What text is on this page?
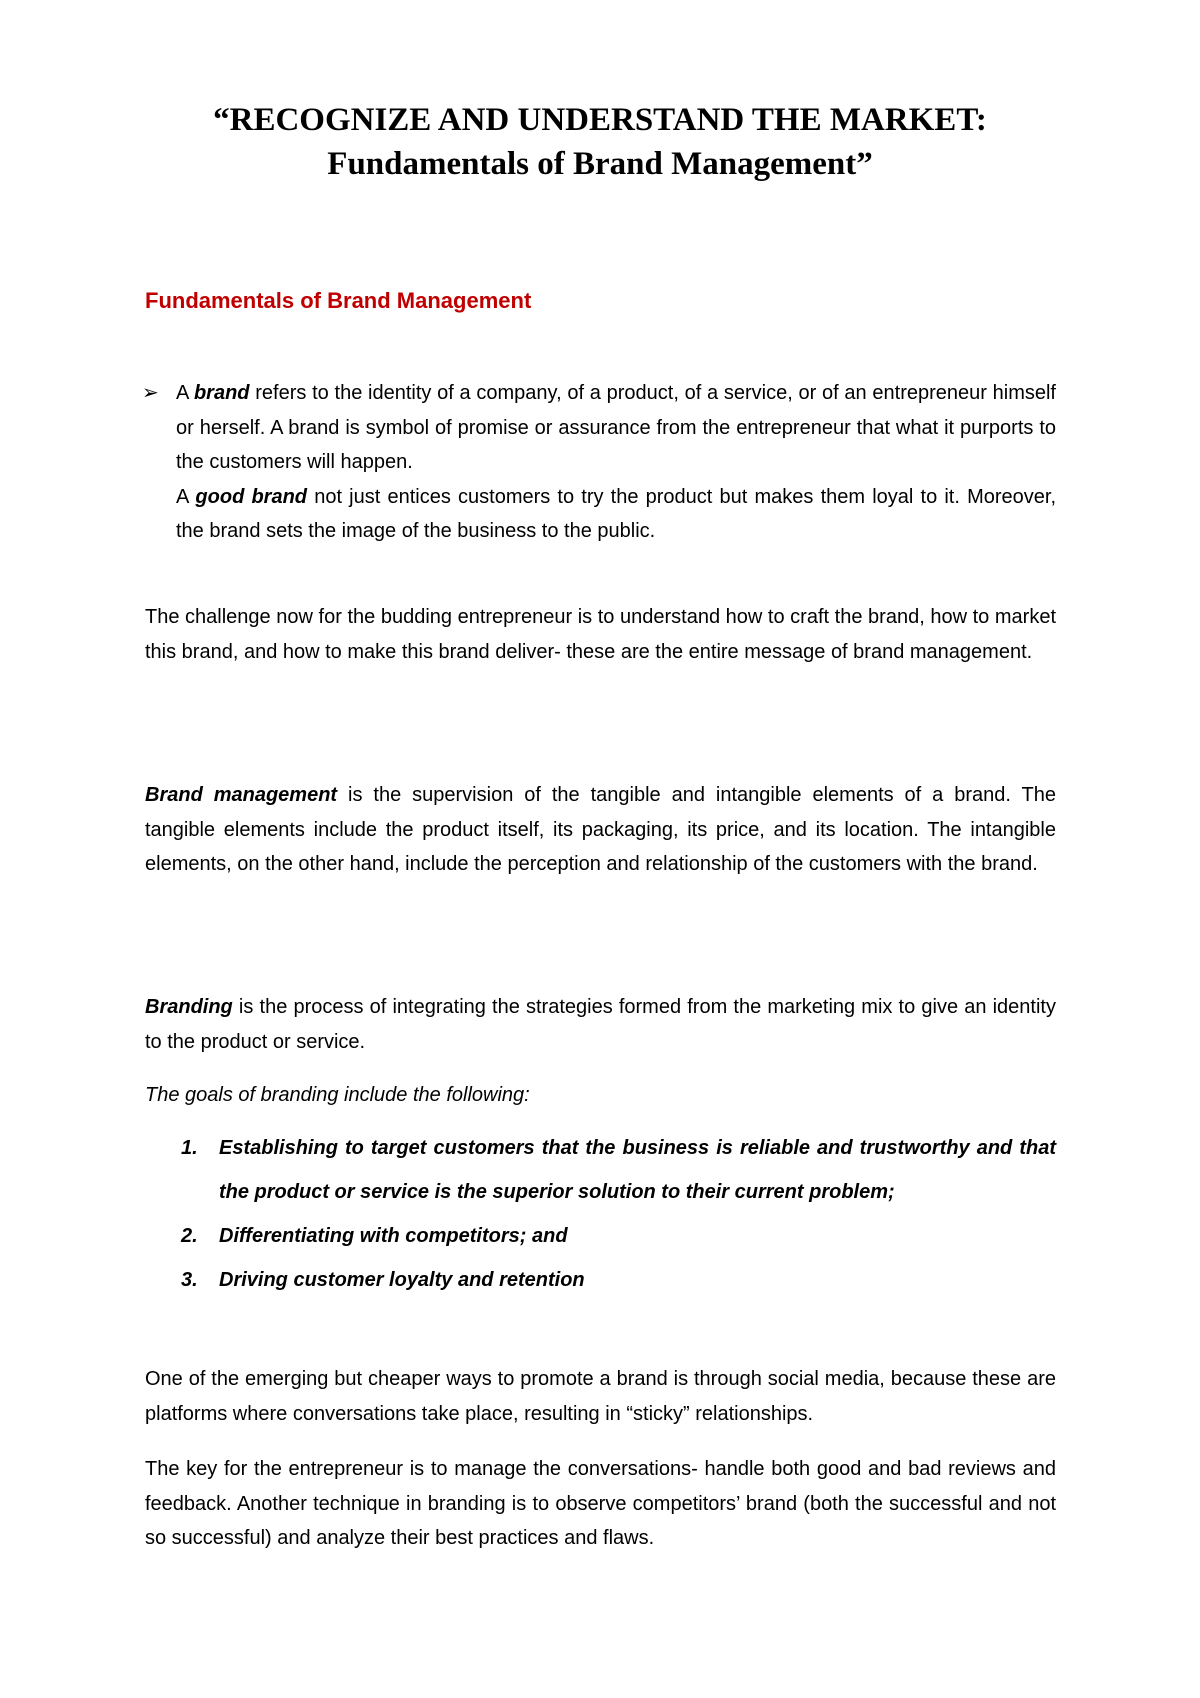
“RECOGNIZE AND UNDERSTAND THE MARKET:
Fundamentals of Brand Management”
Fundamentals of Brand Management
➢ A brand refers to the identity of a company, of a product, of a service, or of an entrepreneur himself or herself. A brand is symbol of promise or assurance from the entrepreneur that what it purports to the customers will happen.

A good brand not just entices customers to try the product but makes them loyal to it. Moreover, the brand sets the image of the business to the public.

The challenge now for the budding entrepreneur is to understand how to craft the brand, how to market this brand, and how to make this brand deliver- these are the entire message of brand management.

Brand management is the supervision of the tangible and intangible elements of a brand. The tangible elements include the product itself, its packaging, its price, and its location. The intangible elements, on the other hand, include the perception and relationship of the customers with the brand.

Branding is the process of integrating the strategies formed from the marketing mix to give an identity to the product or service.

The goals of branding include the following:
1. Establishing to target customers that the business is reliable and trustworthy and that the product or service is the superior solution to their current problem;
2. Differentiating with competitors; and
3. Driving customer loyalty and retention

One of the emerging but cheaper ways to promote a brand is through social media, because these are platforms where conversations take place, resulting in “sticky” relationships.

The key for the entrepreneur is to manage the conversations- handle both good and bad reviews and feedback. Another technique in branding is to observe competitors’ brand (both the successful and not so successful) and analyze their best practices and flaws.
